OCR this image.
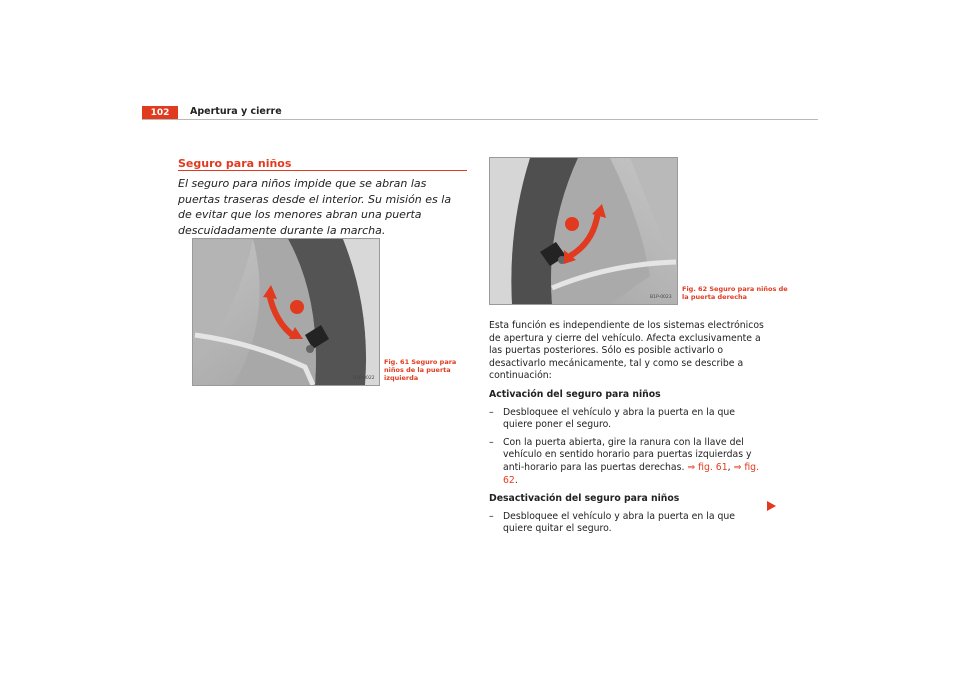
102	Apertura y cierre
Seguro para niños
El seguro para niños impide que se abran las puertas traseras desde el interior. Su misión es la de evitar que los menores abran una puerta descuidadamente durante la marcha.
B1P-0022
Fig. 61 Seguro para niños de la puerta izquierda
B1P-0023
Fig. 62 Seguro para niños de la puerta derecha

Esta función es independiente de los sistemas electrónicos de apertura y cierre del vehículo. Afecta exclusivamente a las puertas posteriores. Sólo es posible activarlo o desactivarlo mecánicamente, tal y como se describe a continuación:

Activación del seguro para niños

–	Desbloquee el vehículo y abra la puerta en la que quiere poner el seguro.

–	Con la puerta abierta, gire la ranura con la llave del vehículo en sentido horario para puertas izquierdas y anti-horario para las puertas derechas. ⇒ fig. 61, ⇒ fig. 62.

Desactivación del seguro para niños

–	Desbloquee el vehículo y abra la puerta en la que quiere quitar el seguro.
